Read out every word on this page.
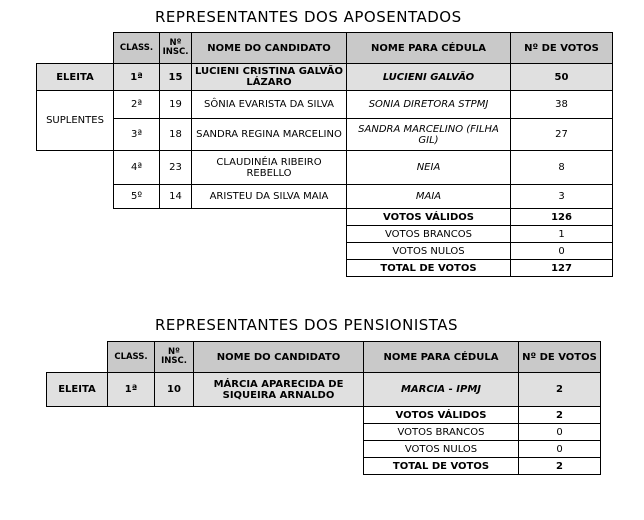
REPRESENTANTES DOS APOSENTADOS
	CLASS.	Nº INSC.	NOME DO CANDIDATO	NOME PARA CÉDULA	Nº DE VOTOS
ELEITA	1ª	15	LUCIENI CRISTINA GALVÃO LÁZARO	LUCIENI GALVÃO	50
SUPLENTES	2ª	19	SÔNIA EVARISTA DA SILVA	SONIA DIRETORA STPMJ	38
	3ª	18	SANDRA REGINA MARCELINO	SANDRA MARCELINO (FILHA GIL)	27
	4ª	23	CLAUDINÉIA RIBEIRO REBELLO	NEIA	8
	5º	14	ARISTEU DA SILVA MAIA	MAIA	3
				VOTOS VÁLIDOS	126
				VOTOS BRANCOS	1
				VOTOS NULOS	0
				TOTAL DE VOTOS	127
REPRESENTANTES DOS PENSIONISTAS
	CLASS.	Nº INSC.	NOME DO CANDIDATO	NOME PARA CÉDULA	Nº DE VOTOS
ELEITA	1ª	10	MÁRCIA APARECIDA DE SIQUEIRA ARNALDO	MARCIA - IPMJ	2
				VOTOS VÁLIDOS	2
				VOTOS BRANCOS	0
				VOTOS NULOS	0
				TOTAL DE VOTOS	2
